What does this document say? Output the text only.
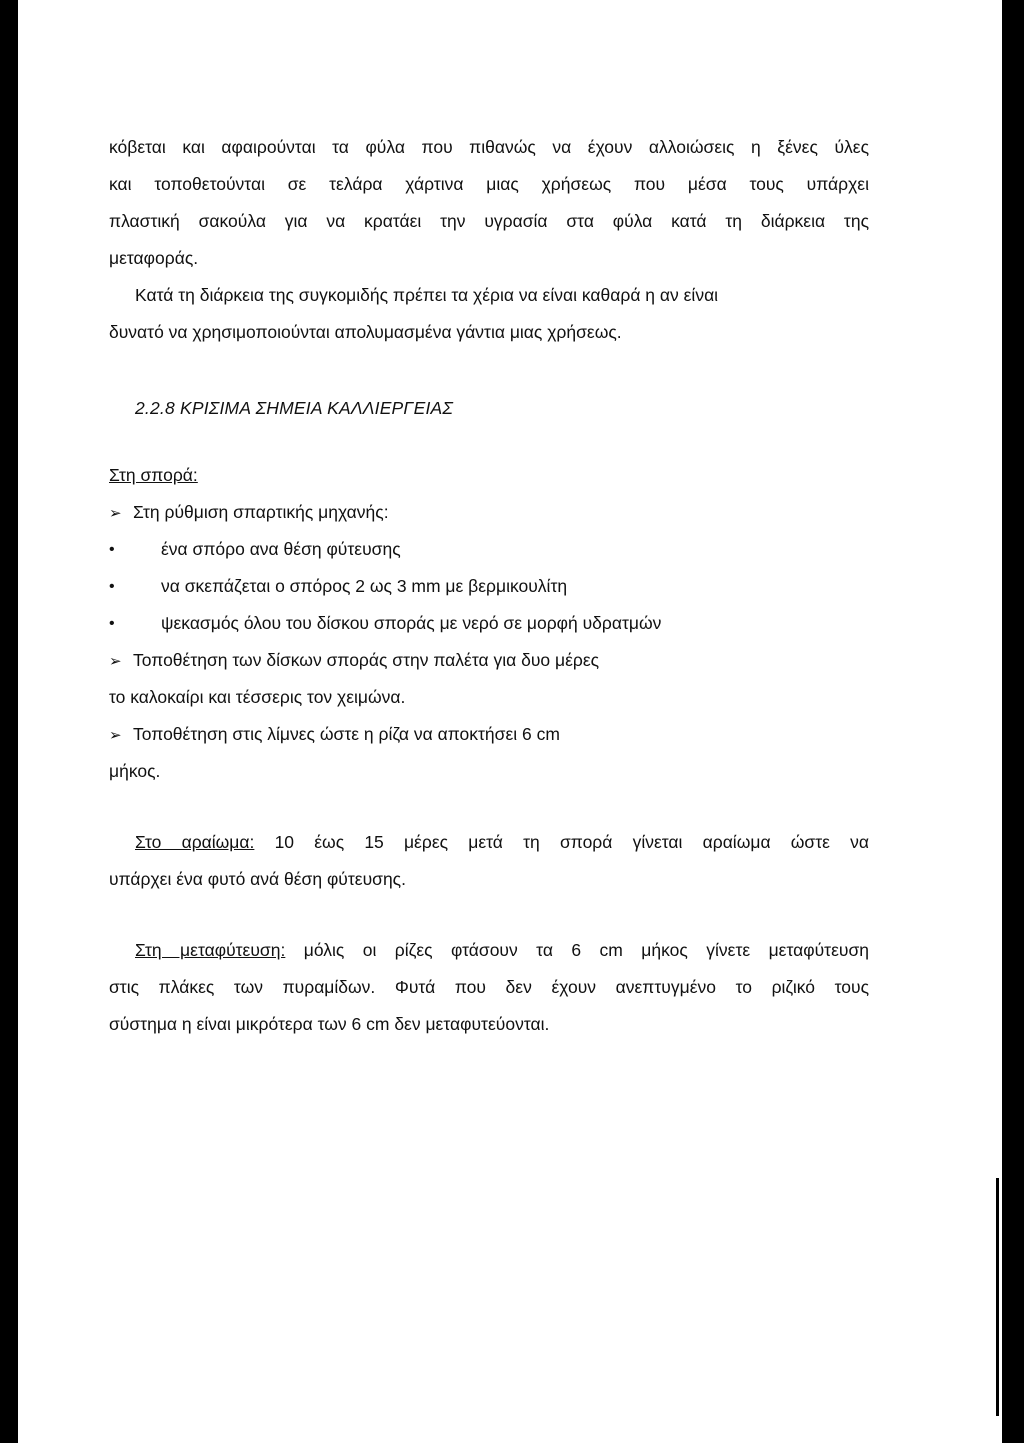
κόβεται και αφαιρούνται τα φύλα που πιθανώς να έχουν αλλοιώσεις η ξένες ύλες
και τοποθετούνται σε τελάρα χάρτινα μιας χρήσεως που μέσα τους υπάρχει
πλαστική σακούλα για να κρατάει την υγρασία στα φύλα κατά τη διάρκεια της
μεταφοράς.
Κατά τη διάρκεια της συγκομιδής πρέπει τα χέρια να είναι καθαρά η αν είναι
δυνατό να χρησιμοποιούνται απολυμασμένα γάντια μιας χρήσεως.
2.2.8 ΚΡΙΣΙΜΑ ΣΗΜΕΙΑ ΚΑΛΛΙΕΡΓΕΙΑΣ
Στη σπορά:
➢ Στη ρύθμιση σπαρτικής μηχανής:
•	ένα σπόρο ανα θέση φύτευσης
•	να σκεπάζεται ο σπόρος 2 ως 3 mm με βερμικουλίτη
•	ψεκασμός όλου του δίσκου σποράς με νερό σε μορφή υδρατμών
➢ Τοποθέτηση των δίσκων σποράς στην παλέτα για δυο μέρες
το καλοκαίρι και τέσσερις τον χειμώνα.
➢ Τοποθέτηση στις λίμνες ώστε η ρίζα να αποκτήσει 6 cm
μήκος.
Στο αραίωμα: 10 έως 15 μέρες μετά τη σπορά γίνεται αραίωμα ώστε να
υπάρχει ένα φυτό ανά θέση φύτευσης.
Στη μεταφύτευση: μόλις οι ρίζες φτάσουν τα 6 cm μήκος γίνετε μεταφύτευση
στις πλάκες των πυραμίδων. Φυτά που δεν έχουν ανεπτυγμένο το ριζικό τους
σύστημα η είναι μικρότερα των 6 cm δεν μεταφυτεύονται.
